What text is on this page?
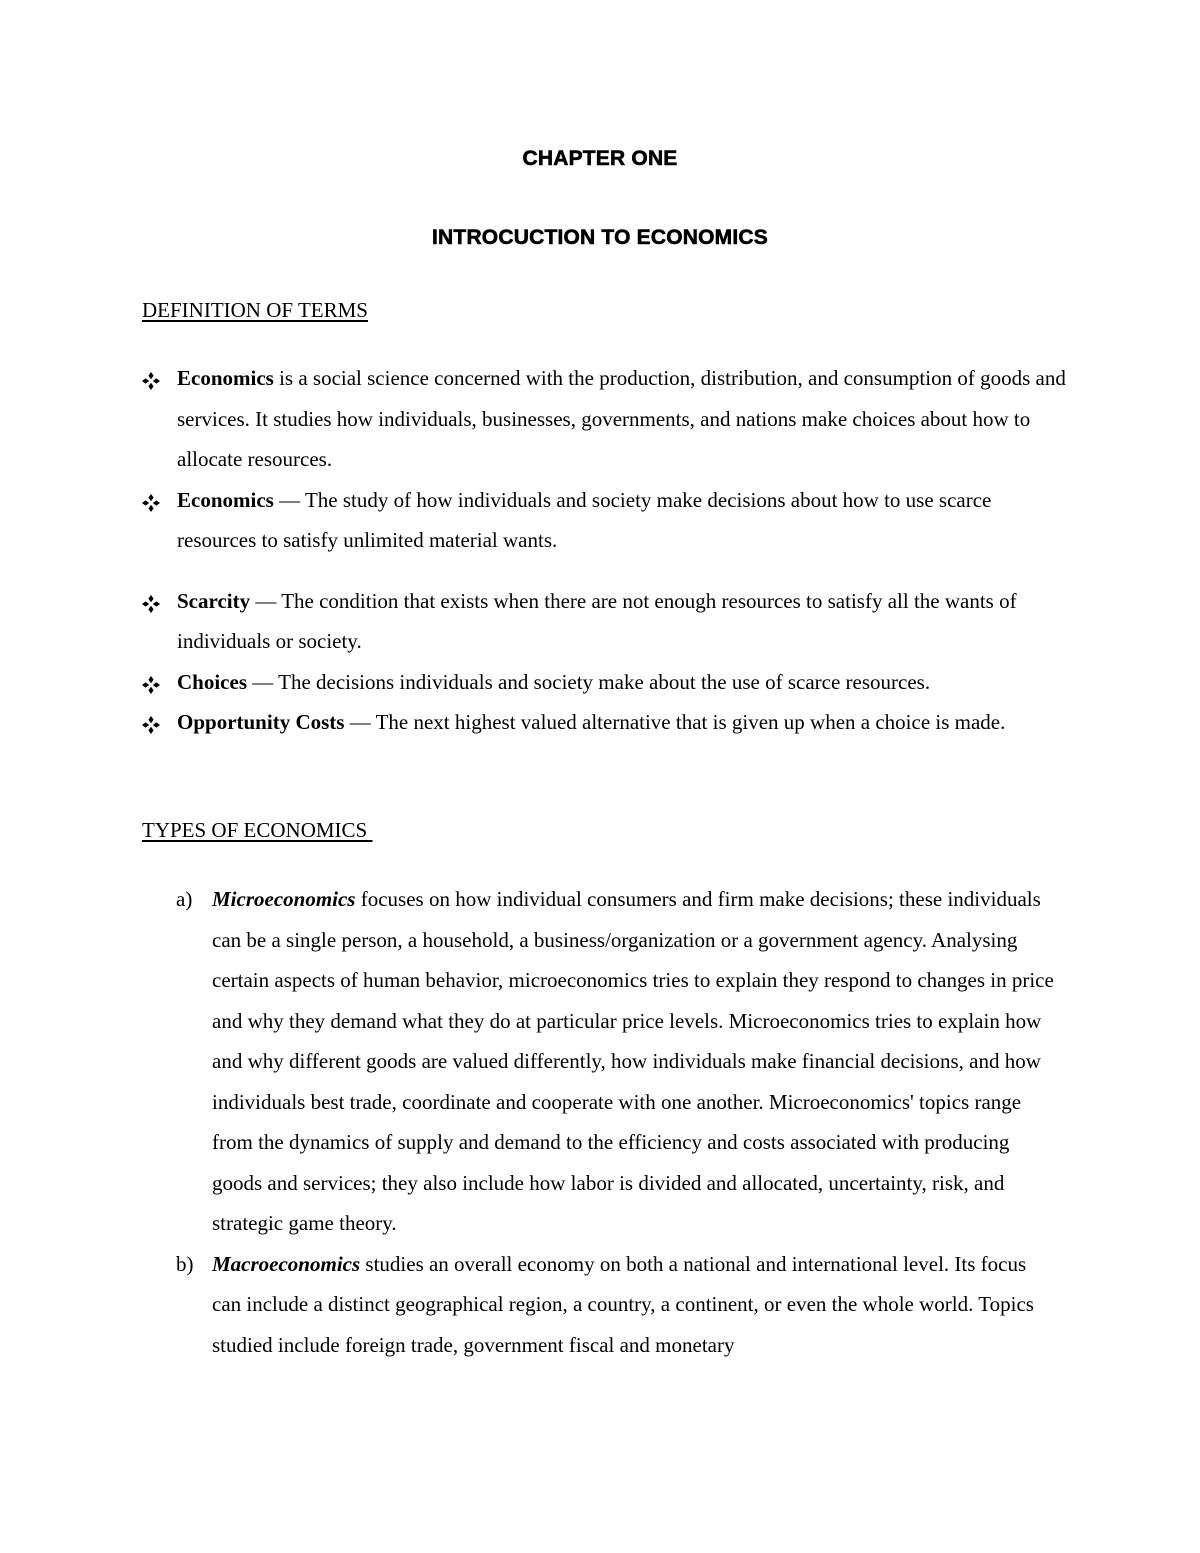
CHAPTER ONE
INTROCUCTION TO ECONOMICS
DEFINITION OF TERMS
Economics is a social science concerned with the production, distribution, and consumption of goods and services. It studies how individuals, businesses, governments, and nations make choices about how to allocate resources.
Economics — The study of how individuals and society make decisions about how to use scarce resources to satisfy unlimited material wants.
Scarcity — The condition that exists when there are not enough resources to satisfy all the wants of individuals or society.
Choices — The decisions individuals and society make about the use of scarce resources.
Opportunity Costs — The next highest valued alternative that is given up when a choice is made.
TYPES OF ECONOMICS
a) Microeconomics focuses on how individual consumers and firm make decisions; these individuals can be a single person, a household, a business/organization or a government agency. Analysing certain aspects of human behavior, microeconomics tries to explain they respond to changes in price and why they demand what they do at particular price levels. Microeconomics tries to explain how and why different goods are valued differently, how individuals make financial decisions, and how individuals best trade, coordinate and cooperate with one another. Microeconomics' topics range from the dynamics of supply and demand to the efficiency and costs associated with producing goods and services; they also include how labor is divided and allocated, uncertainty, risk, and strategic game theory.
b) Macroeconomics studies an overall economy on both a national and international level. Its focus can include a distinct geographical region, a country, a continent, or even the whole world. Topics studied include foreign trade, government fiscal and monetary
